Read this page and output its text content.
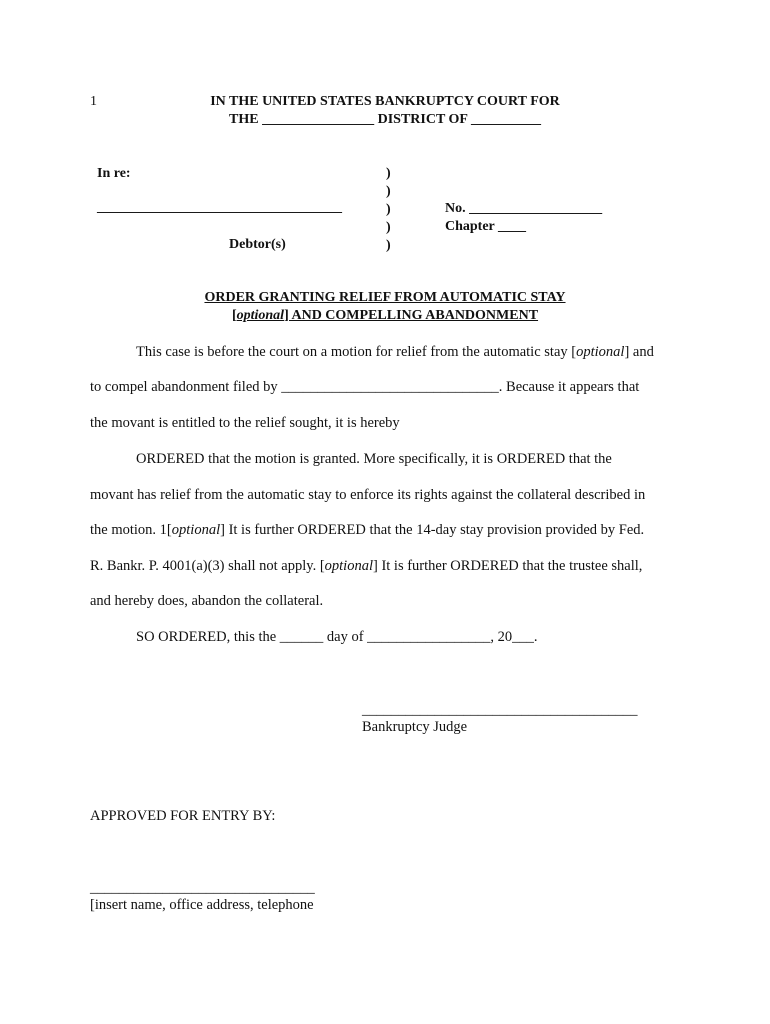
1	IN THE UNITED STATES BANKRUPTCY COURT FOR
THE ________________ DISTRICT OF __________
In re:
___________________________________
Debtor(s)
)
)
)
)
)
No. ___________________
Chapter ____
ORDER GRANTING RELIEF FROM AUTOMATIC STAY
[optional] AND COMPELLING ABANDONMENT
This case is before the court on a motion for relief from the automatic stay [optional] and
to compel abandonment filed by ______________________________. Because it appears that
the movant is entitled to the relief sought, it is hereby
ORDERED that the motion is granted. More specifically, it is ORDERED that the
movant has relief from the automatic stay to enforce its rights against the collateral described in
the motion. 1[optional] It is further ORDERED that the 14-day stay provision provided by Fed.
R. Bankr. P. 4001(a)(3) shall not apply. [optional] It is further ORDERED that the trustee shall,
and hereby does, abandon the collateral.
SO ORDERED, this the ______ day of _________________, 20___.
______________________________________
Bankruptcy Judge
APPROVED FOR ENTRY BY:
_______________________________
[insert name, office address, telephone
